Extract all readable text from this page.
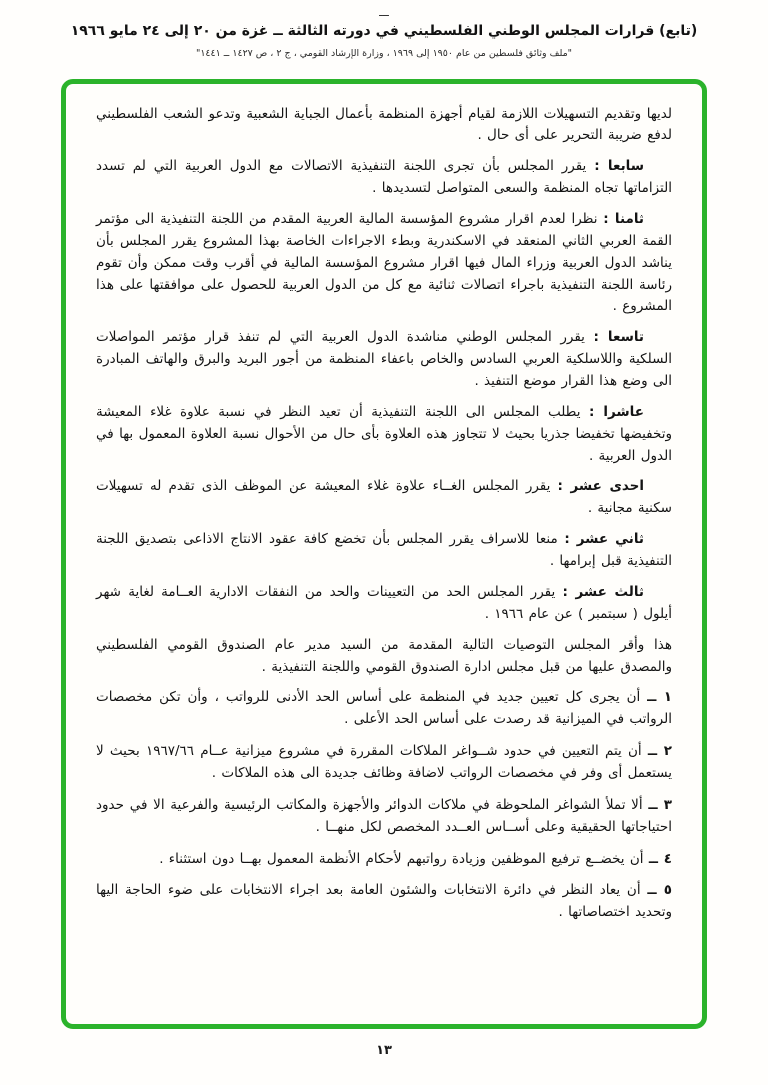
ـــ
(تابع) قرارات المجلس الوطني الفلسطيني في دورته الثالثة ــ غزة من ٢٠ إلى ٢٤ مايو ١٩٦٦
"ملف وثائق فلسطين من عام ١٩٥٠ إلى ١٩٦٩ ، وزارة الإرشاد القومي ، ج ٢ ، ص ١٤٢٧ ــ ١٤٤١"

لديها وتقديم التسهيلات اللازمة لقيام أجهزة المنظمة بأعمال الجباية الشعبية وتدعو الشعب الفلسطيني لدفع ضريبة التحرير على أى حال .

سابعا : يقرر المجلس بأن تجرى اللجنة التنفيذية الاتصالات مع الدول العربية التي لم تسدد التزاماتها تجاه المنظمة والسعى المتواصل لتسديدها .

ثامنا : نظرا لعدم اقرار مشروع المؤسسة المالية العربية المقدم من اللجنة التنفيذية الى مؤتمر القمة العربي الثاني المنعقد في الاسكندرية وبطء الاجراءات الخاصة بهذا المشروع يقرر المجلس بأن يناشد الدول العربية وزراء المال فيها اقرار مشروع المؤسسة المالية في أقرب وقت ممكن وأن تقوم رئاسة اللجنة التنفيذية باجراء اتصالات ثنائية مع كل من الدول العربية للحصول على موافقتها على هذا المشروع .

تاسعا : يقرر المجلس الوطني مناشدة الدول العربية التي لم تنفذ قرار مؤتمر المواصلات السلكية واللاسلكية العربي السادس والخاص باعفاء المنظمة من أجور البريد والبرق والهاتف المبادرة الى وضع هذا القرار موضع التنفيذ .

عاشرا : يطلب المجلس الى اللجنة التنفيذية أن تعيد النظر في نسبة علاوة غلاء المعيشة وتخفيضها تخفيضا جذريا بحيث لا تتجاوز هذه العلاوة بأى حال من الأحوال نسبة العلاوة المعمول بها في الدول العربية .

احدى عشر : يقرر المجلس الغــاء علاوة غلاء المعيشة عن الموظف الذى تقدم له تسهيلات سكنية مجانية .

ثاني عشر : منعا للاسراف يقرر المجلس بأن تخضع كافة عقود الانتاج الاذاعى بتصديق اللجنة التنفيذية قبل إبرامها .

ثالث عشر : يقرر المجلس الحد من التعيينات والحد من النفقات الادارية العــامة لغاية شهر أيلول ( سبتمبر ) عن عام ١٩٦٦ .

هذا وأقر المجلس التوصيات التالية المقدمة من السيد مدير عام الصندوق القومي الفلسطيني والمصدق عليها من قبل مجلس ادارة الصندوق القومي واللجنة التنفيذية .

١ ــ أن يجرى كل تعيين جديد في المنظمة على أساس الحد الأدنى للرواتب ، وأن تكن مخصصات الرواتب في الميزانية قد رصدت على أساس الحد الأعلى .

٢ ــ أن يتم التعيين في حدود شــواغر الملاكات المقررة في مشروع ميزانية عــام ١٩٦٧/٦٦ بحيث لا يستعمل أى وفر في مخصصات الرواتب لاضافة وظائف جديدة الى هذه الملاكات .

٣ ــ ألا تملأ الشواغر الملحوظة في ملاكات الدوائر والأجهزة والمكاتب الرئيسية والفرعية الا في حدود احتياجاتها الحقيقية وعلى أســاس العــدد المخصص لكل منهــا .

٤ ــ أن يخضــع ترفيع الموظفين وزيادة رواتبهم لأحكام الأنظمة المعمول بهــا دون استثناء .

٥ ــ أن يعاد النظر في دائرة الانتخابات والشئون العامة بعد اجراء الانتخابات على ضوء الحاجة اليها وتحديد اختصاصاتها .

١٣
